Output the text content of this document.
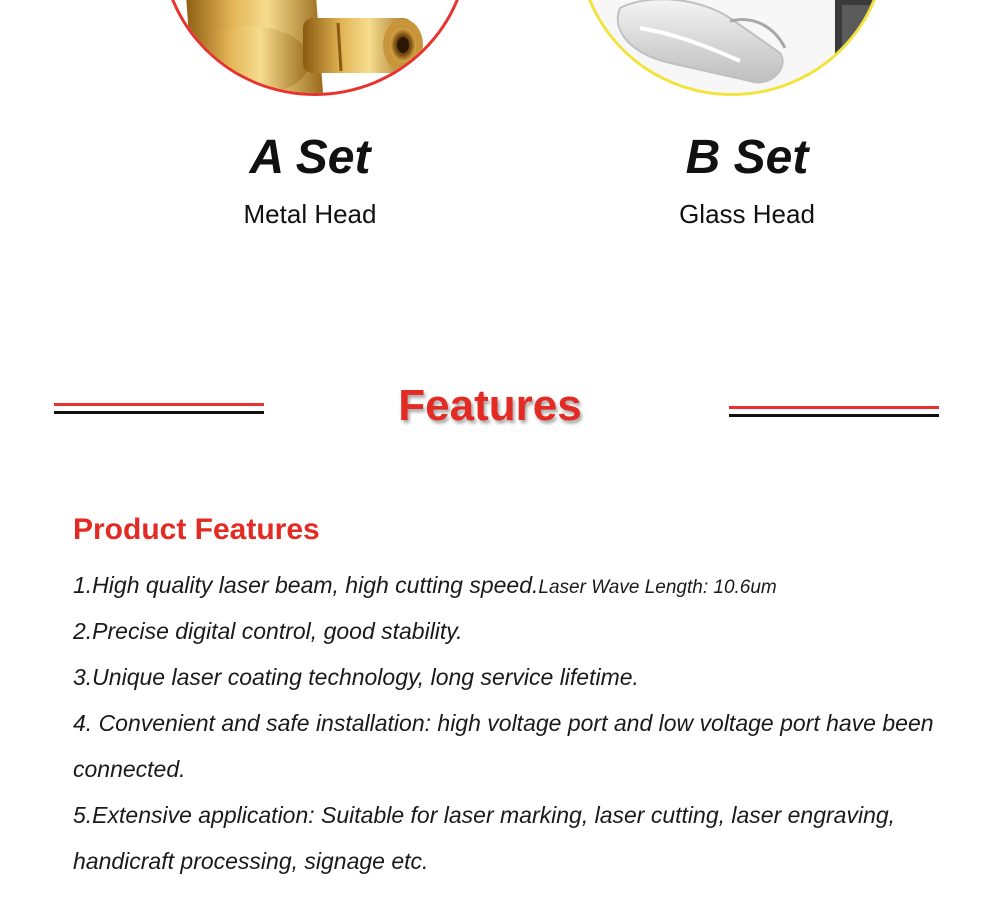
A Set
Metal Head
B Set
Glass Head
Features
Product Features
1.High quality laser beam, high cutting speed.Laser Wave Length: 10.6um
2.Precise digital control, good stability.
3.Unique laser coating technology, long service lifetime.
4. Convenient and safe installation: high voltage port and low voltage port have been connected.
5.Extensive application: Suitable for laser marking, laser cutting, laser engraving, handicraft processing, signage etc.
